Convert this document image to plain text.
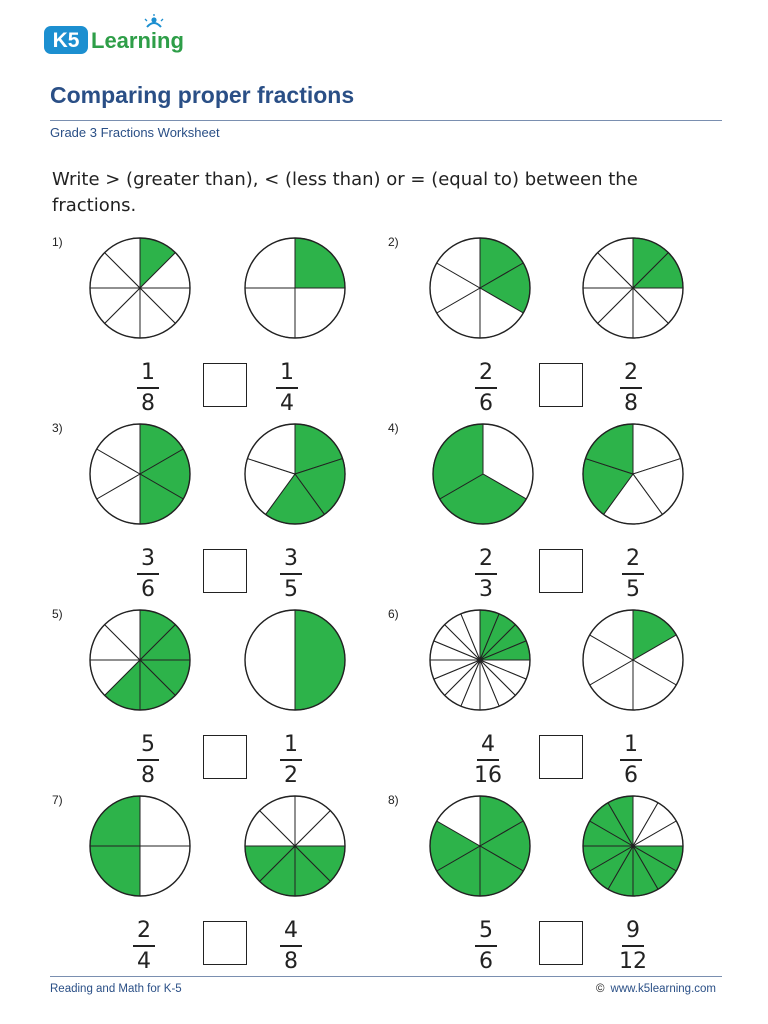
K5 Learning
Comparing proper fractions
Grade 3 Fractions Worksheet

Write > (greater than), < (less than) or = (equal to) between the fractions.

1)
1
8
1
4
2)
2
6
2
8
3)
3
6
3
5
4)
2
3
2
5
5)
5
8
1
2
6)
4
16
1
6
7)
2
4
4
8
8)
5
6
9
12
Reading and Math for K-5	© www.k5learning.com
